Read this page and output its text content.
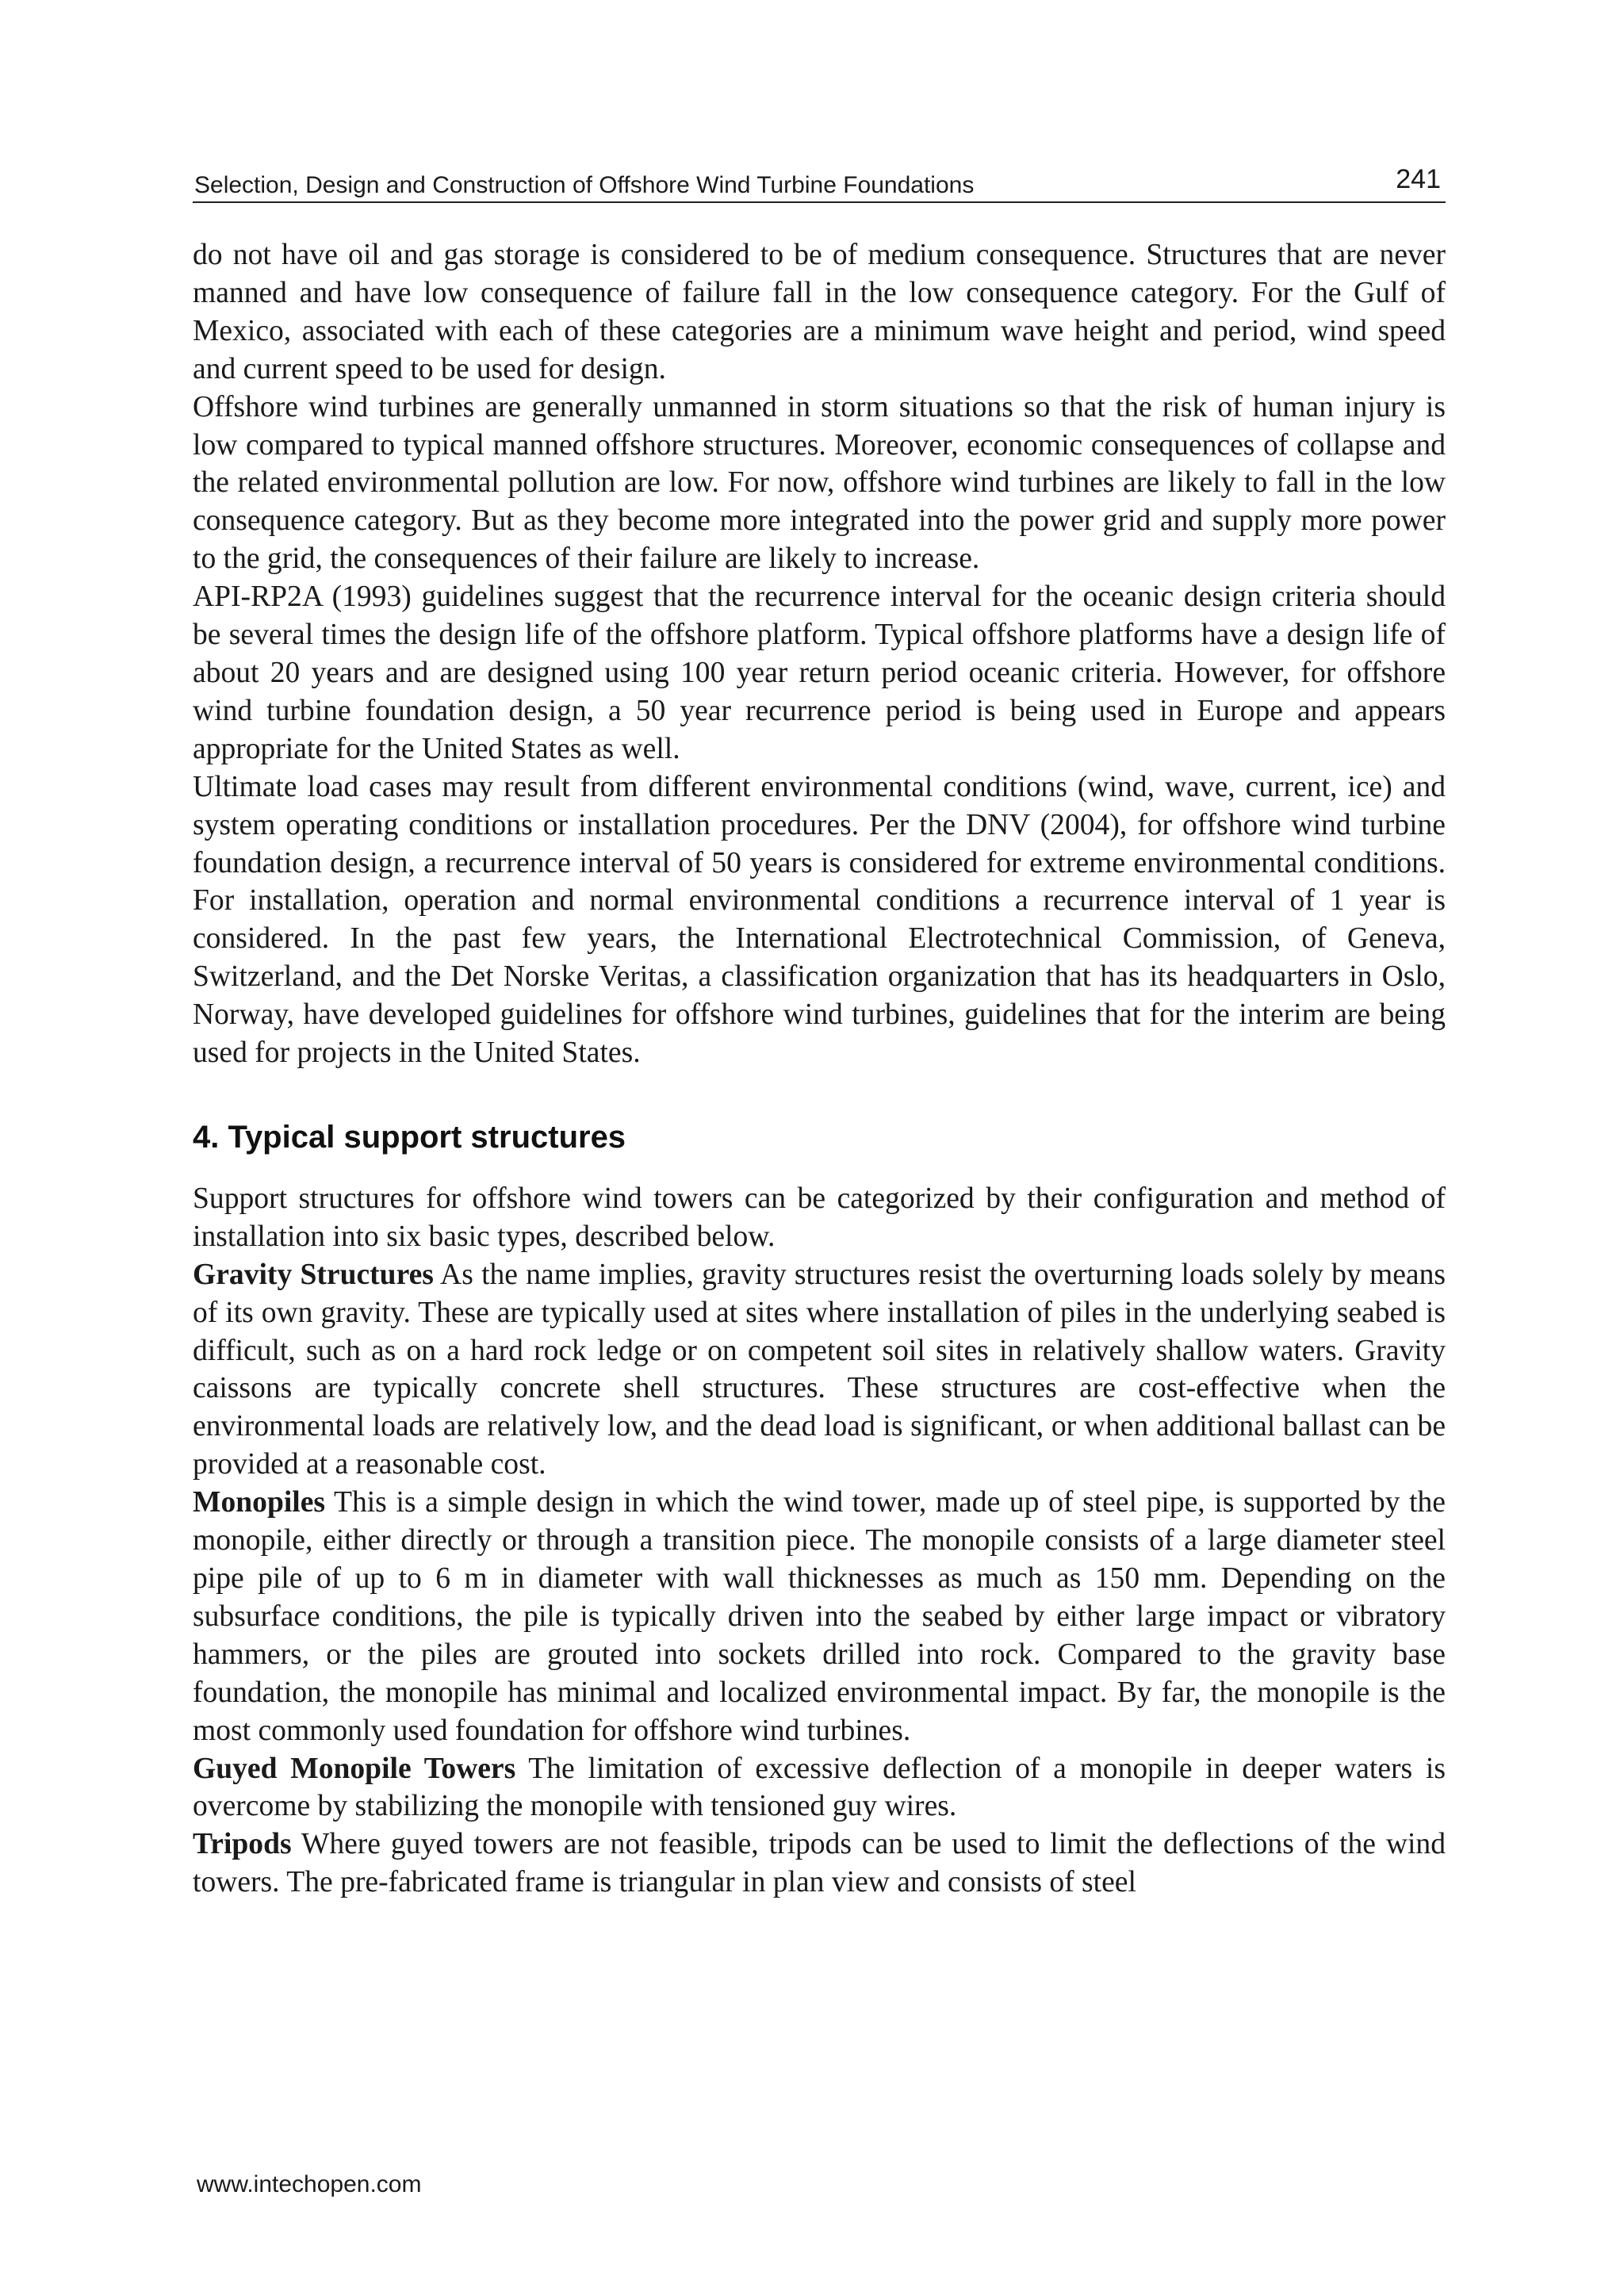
Selection, Design and Construction of Offshore Wind Turbine Foundations	241

do not have oil and gas storage is considered to be of medium consequence. Structures that are never manned and have low consequence of failure fall in the low consequence category. For the Gulf of Mexico, associated with each of these categories are a minimum wave height and period, wind speed and current speed to be used for design.

Offshore wind turbines are generally unmanned in storm situations so that the risk of human injury is low compared to typical manned offshore structures. Moreover, economic consequences of collapse and the related environmental pollution are low. For now, offshore wind turbines are likely to fall in the low consequence category. But as they become more integrated into the power grid and supply more power to the grid, the consequences of their failure are likely to increase.

API-RP2A (1993) guidelines suggest that the recurrence interval for the oceanic design criteria should be several times the design life of the offshore platform. Typical offshore platforms have a design life of about 20 years and are designed using 100 year return period oceanic criteria. However, for offshore wind turbine foundation design, a 50 year recurrence period is being used in Europe and appears appropriate for the United States as well.

Ultimate load cases may result from different environmental conditions (wind, wave, current, ice) and system operating conditions or installation procedures. Per the DNV (2004), for offshore wind turbine foundation design, a recurrence interval of 50 years is considered for extreme environmental conditions. For installation, operation and normal environmental conditions a recurrence interval of 1 year is considered. In the past few years, the International Electrotechnical Commission, of Geneva, Switzerland, and the Det Norske Veritas, a classification organization that has its headquarters in Oslo, Norway, have developed guidelines for offshore wind turbines, guidelines that for the interim are being used for projects in the United States.

4. Typical support structures

Support structures for offshore wind towers can be categorized by their configuration and method of installation into six basic types, described below.

Gravity Structures As the name implies, gravity structures resist the overturning loads solely by means of its own gravity. These are typically used at sites where installation of piles in the underlying seabed is difficult, such as on a hard rock ledge or on competent soil sites in relatively shallow waters. Gravity caissons are typically concrete shell structures. These structures are cost-effective when the environmental loads are relatively low, and the dead load is significant, or when additional ballast can be provided at a reasonable cost.

Monopiles This is a simple design in which the wind tower, made up of steel pipe, is supported by the monopile, either directly or through a transition piece. The monopile consists of a large diameter steel pipe pile of up to 6 m in diameter with wall thicknesses as much as 150 mm. Depending on the subsurface conditions, the pile is typically driven into the seabed by either large impact or vibratory hammers, or the piles are grouted into sockets drilled into rock. Compared to the gravity base foundation, the monopile has minimal and localized environmental impact. By far, the monopile is the most commonly used foundation for offshore wind turbines.

Guyed Monopile Towers The limitation of excessive deflection of a monopile in deeper waters is overcome by stabilizing the monopile with tensioned guy wires.

Tripods Where guyed towers are not feasible, tripods can be used to limit the deflections of the wind towers. The pre-fabricated frame is triangular in plan view and consists of steel

www.intechopen.com
